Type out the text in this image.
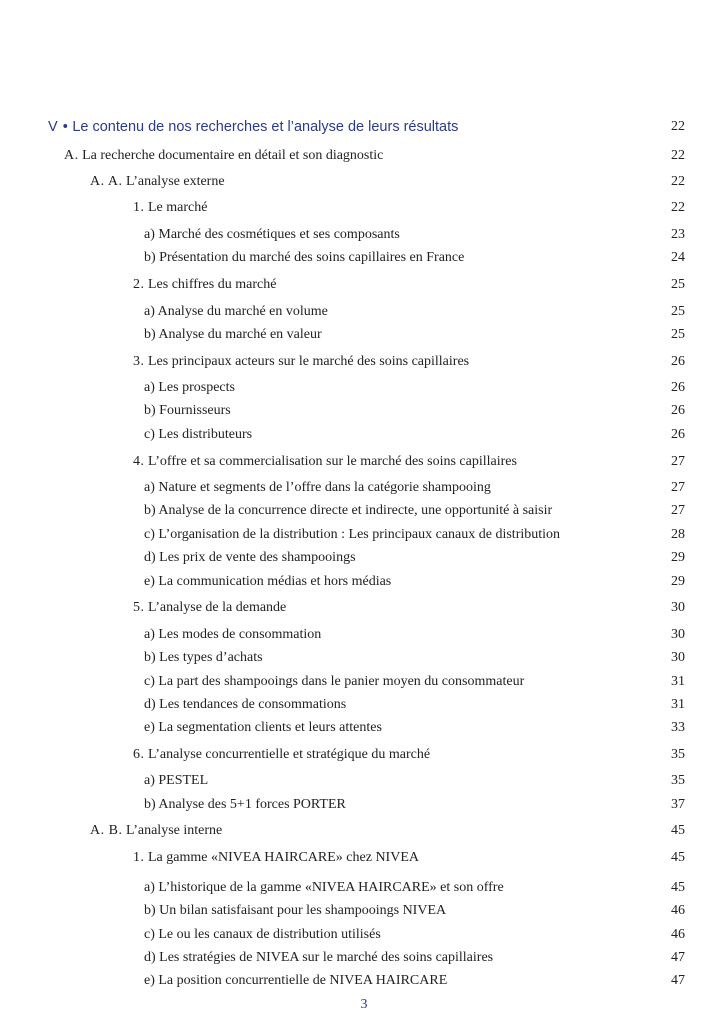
V • Le contenu de nos recherches et l’analyse de leurs résultats	22
A. La recherche documentaire en détail et son diagnostic	22
A. A. L’analyse externe	22
1. Le marché	22
a) Marché des cosmétiques et ses composants	23
b) Présentation du marché des soins capillaires en France	24
2. Les chiffres du marché	25
a) Analyse du marché en volume	25
b) Analyse du marché en valeur	25
3. Les principaux acteurs sur le marché des soins capillaires	26
a) Les prospects	26
b) Fournisseurs	26
c) Les distributeurs	26
4. L’offre et sa commercialisation sur le marché des soins capillaires	27
a) Nature et segments de l’offre dans la catégorie shampooing	27
b) Analyse de la concurrence directe et indirecte, une opportunité à saisir	27
c) L’organisation de la distribution : Les principaux canaux de distribution	28
d) Les prix de vente des shampooings	29
e) La communication médias et hors médias	29
5. L’analyse de la demande	30
a) Les modes de consommation	30
b) Les types d’achats	30
c) La part des shampooings dans le panier moyen du consommateur	31
d) Les tendances de consommations	31
e) La segmentation clients et leurs attentes	33
6. L’analyse concurrentielle et stratégique du marché	35
a) PESTEL	35
b) Analyse des 5+1 forces PORTER	37
A. B. L’analyse interne	45
1. La gamme «NIVEA HAIRCARE» chez NIVEA	45
a) L’historique de la gamme «NIVEA HAIRCARE» et son offre	45
b) Un bilan satisfaisant pour les shampooings NIVEA	46
c) Le ou les canaux de distribution utilisés	46
d) Les stratégies de NIVEA sur le marché des soins capillaires	47
e) La position concurrentielle de NIVEA HAIRCARE	47
3
